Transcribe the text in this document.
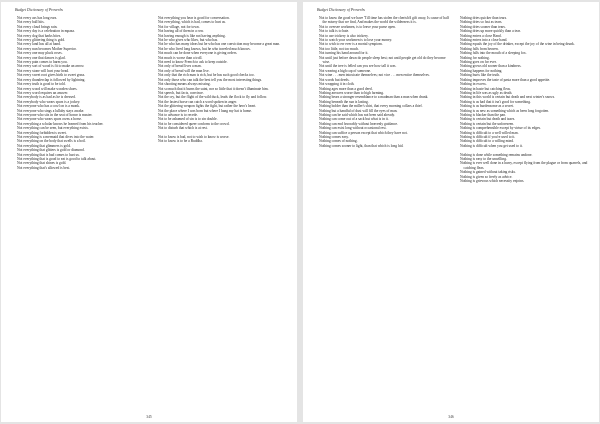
Budget Dictionary of Proverbs

Not every ass has long ears.

Not every ball hits.

Not every cloud brings rain.

Not every day is a celebration in mpaza.

Not every dog that barks bites.

Not every glittering thing is gold.

Not every land has all at hand.

Not every nun becomes Mother Superior.

Not every one may pluck roses.

Not every one that dances is glad.

Not every pain comes to harm you.

Not every sort of wood is fit to make an arrow.

Not every stone will hurt your head.

Not every sweet root gives birth to sweet grass.

Not every thunderclap is followed by lightning.

Not every truth is good to be told.

Not every wood will make wooden shoes.

Not every word requires an answer.

Not everybody is as bad as he is dressed.

Not everybody who wears spurs is a jockey.

Not everyone who has a cowl on is a monk.

Not everyone who sings a lullaby stays awake.

Not everyone who sits in the seat of honor is master.

Not everyone who wears spurs owns a horse.

Not everything a scholar knows he learned from his teacher.

Not everything can be seen, but everything exists.

Not everything forbidden is sweet.

Not everything is a mermaid that dives into the water.

Not everything on the body that swells is a boil.

Not everything that glimmers is gold.

Not everything that glitters is gold or diamond.

Not everything that is bad comes to hurt us.

Not everything that is good to eat is good to talk about.

Not everything that shines is gold.

Not everything that's allowed is best.

Not everything you hear is good for conversation.

Not everything, which is bad, comes to hurt us.

Not for village, not for town.

Not having all of them in a row.

Not having enough is like not having anything.

Not he who gives who likes, but who has.

Not he who has many ideas but he who has one conviction may become a great man.

Not he who lived long knows, but he who traveled much knows.

Not much can be done when everyone is giving orders.

Not much is worse than a troll.

Not need to know French to ask to keep outside.

Not only of bread lives a man.

Not only of bread will the man live.

Not only that the rich man is rich, but he has such good checks too.

Not only those who can talk the best tell you the most interesting things.

Not shooting means always missing.

Not so much that it burns the saint, nor so little that it doesn't illuminate him.

Not speech, but facts, convince.

Not the cry, but the flight of the wild duck, leads the flock to fly and follow.

Not the fastest horse can catch a word spoken in anger.

Not the glittering weapon fights the fight, but rather the hero's heart.

Not the place where I was born but where I hang my hat is home.

Not to advance is to recede.

Not to be ashamed of sin is to sin double.

Not to be considered queer conform to the crowd.

Not to disturb that which is at rest.

Not to know is bad, not to wish to know is worse.

Not to know is to be a Buddha.

345
Budget Dictionary of Proverbs

Not to know the good we have 'Till time has stolen the cherish'd gift away, Is cause of half the misery that we find, And makes the world the wilderness it is.

Not to oversee workmen, is to leave your purse open.

Not to talk is to hate.

Not to use trickery is also trickery.

Not to watch your workmen is to lose your money.

Not to wish to err ever is a mortal symptom.

Not too little, not too much.

Not turning his hand around for it.

Not until just before dawn do people sleep best; not until people get old do they become wise.

Not until the tree is felled can you see how tall it was.

Not wearing a high cap of someone.

Not wine . . . men intoxicate themselves; not vice . . . men entice themselves.

Not words but deeds.

Not wrapping it in cloth.

Nothing ages more than a good deed.

Nothing answers worse than to high farming.

Nothing bears a stronger resemblance to a madman than a man when drunk.

Nothing beneath the sun is lasting.

Nothing bolder than the miller's shirt, that every morning collars a thief.

Nothing but a handful of dust will fill the eyes of man.

Nothing can be said which has not been said already.

Nothing can come out of a sack but what is in it.

Nothing can end favorably without heavenly guidance.

Nothing can exist long without occasional rest.

Nothing can suffice a person except that which they have not.

Nothing comes easy.

Nothing comes of nothing.

Nothing comes sooner to light, than that which is long hid.

Nothing dries quicker than tears.

Nothing dries so fast as tears.

Nothing dries sooner than tears.

Nothing dries up more quickly than a tear.

Nothing enters a close Hand.

Nothing enters into a close hand.

Nothing equals the joy of the drinker, except the joy of the wine in being drunk.

Nothing falls from heaven.

Nothing falls into the mouth of a sleeping fox.

Nothing for nothing.

Nothing goes on for ever.

Nothing grows old sooner than a kindness.

Nothing happens for nothing.

Nothing hurts like the truth.

Nothing improves the taste of pasta more than a good appetite.

Nothing in excess.

Nothing in haste but catching fleas.

Nothing in life was as ugly as death.

Nothing in this world is certain but death and next winter's snows.

Nothing is as bad that it isn't good for something.

Nothing is as burdensome as a secret.

Nothing is as new as something which as been long forgotten.

Nothing is blacker than the pan.

Nothing is certain but death and taxes.

Nothing is certain but the unforeseen.

Nothing is comprehensible except by virtue of its edges.

Nothing is difficult to a well willed man.

Nothing is difficult if you're used to it.

Nothing is difficult to a willing mind.

Nothing is difficult when you get used to it.

Nothing is done while something remains undone.

Nothing is easy to the unwilling.

Nothing is ever well done in a hurry, except flying from the plague or from quarrels, and catching fleas.

Nothing is gained without taking risks.

Nothing is given so freely as advice.

Nothing is grievous which necessity enjoins.

346
